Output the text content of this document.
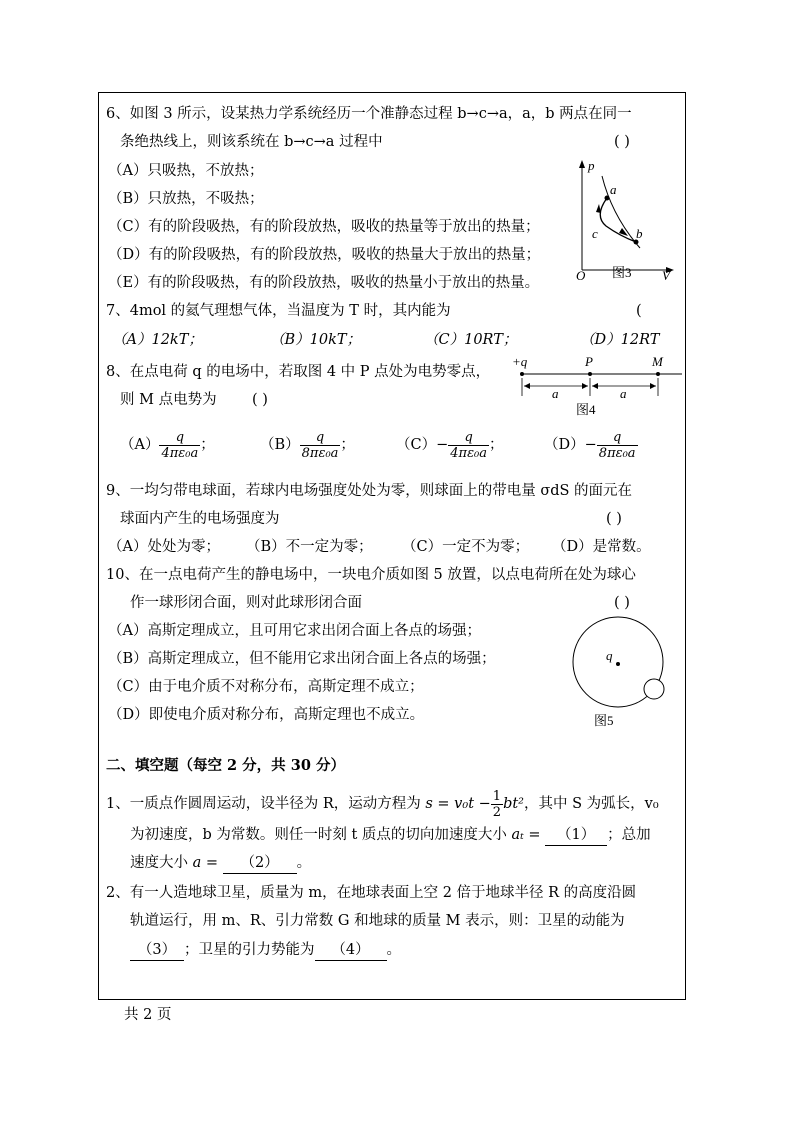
6、如图 3 所示，设某热力学系统经历一个准静态过程 b→c→a，a，b 两点在同一
条绝热线上，则该系统在 b→c→a 过程中	( )
（A）只吸热，不放热；
（B）只放热，不吸热；
（C）有的阶段吸热，有的阶段放热，吸收的热量等于放出的热量；
（D）有的阶段吸热，有的阶段放热，吸收的热量大于放出的热量；
（E）有的阶段吸热，有的阶段放热，吸收的热量小于放出的热量。
p
a
b
c
O	V
图3
7、4mol 的氦气理想气体，当温度为 T 时，其内能为	(
（A）12kT；	（B）10kT；	（C）10RT；	（D）12RT
8、在点电荷 q 的电场中，若取图 4 中 P 点处为电势零点，
则 M 点电势为 ( )
+q	P	M
a	a
图4
$(A) \frac{q}{\text{4πε₀a}}$ ；	$(B) \frac{q}{\text{8πε₀a}}$ ；	$(C)- \frac{q}{\text{4πε₀a}}$ ；	$(D)- \frac{q}{\text{8πε₀a}}$
9、一均匀带电球面，若球内电场强度处处为零，则球面上的带电量 σdS 的面元在
球面内产生的电场强度为	( )
（A）处处为零； （B）不一定为零； （C）一定不为零； （D）是常数。
10、在一点电荷产生的静电场中，一块电介质如图 5 放置，以点电荷所在处为球心
作一球形闭合面，则对此球形闭合面	( )
（A）高斯定理成立，且可用它求出闭合面上各点的场强；
（B）高斯定理成立，但不能用它求出闭合面上各点的场强；
（C）由于电介质不对称分布，高斯定理不成立；
（D）即使电介质对称分布，高斯定理也不成立。
q
图5
二、填空题（每空 2 分，共 30 分）
1、一质点作圆周运动，设半径为 R，运动方程为 $s = v_0t - \frac{1}{2} bt^2$，其中 S 为弧长，v₀
为初速度，b 为常数。则任一时刻 t 质点的切向加速度大小 aₜ = （1） ；总加
速度大小 a = （2） 。
2、有一人造地球卫星，质量为 m，在地球表面上空 2 倍于地球半径 R 的高度沿圆
轨道运行，用 m、R、引力常数 G 和地球的质量 M 表示，则：卫星的动能为
（3） ；卫星的引力势能为 （4） 。
共 2 页
